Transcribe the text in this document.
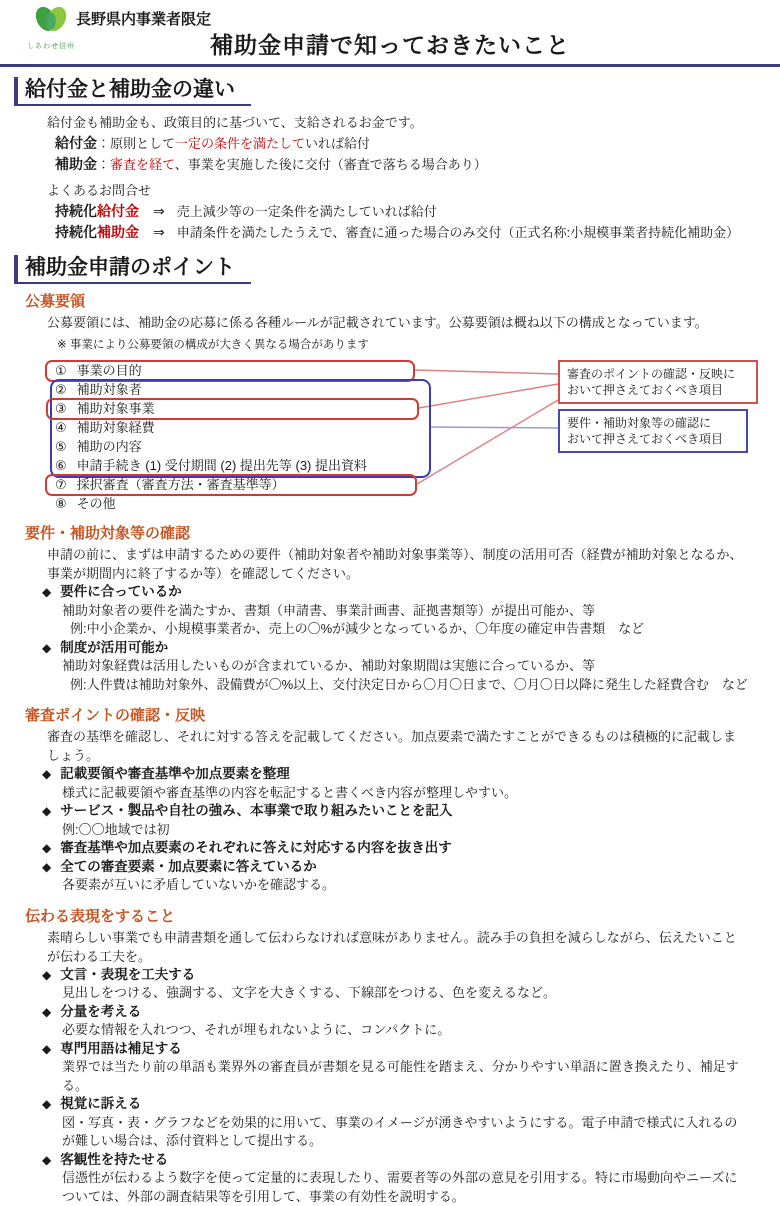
しあわせ信州
長野県内事業者限定
補助金申請で知っておきたいこと
給付金と補助金の違い
給付金も補助金も、政策目的に基づいて、支給されるお金です。
給付金：原則として一定の条件を満たしていれば給付
補助金：審査を経て、事業を実施した後に交付（審査で落ちる場合あり）
よくあるお問合せ
持続化給付金 ⇒ 売上減少等の一定条件を満たしていれば給付
持続化補助金 ⇒ 申請条件を満たしたうえで、審査に通った場合のみ交付（正式名称:小規模事業者持続化補助金）
補助金申請のポイント
公募要領
公募要領には、補助金の応募に係る各種ルールが記載されています。公募要領は概ね以下の構成となっています。
※ 事業により公募要領の構成が大きく異なる場合があります
① 事業の目的
② 補助対象者
③ 補助対象事業
④ 補助対象経費
⑤ 補助の内容
⑥ 申請手続き (1) 受付期間 (2) 提出先等 (3) 提出資料
⑦ 採択審査（審査方法・審査基準等）
⑧ その他
審査のポイントの確認・反映に
おいて押さえておくべき項目
要件・補助対象等の確認に
おいて押さえておくべき項目
要件・補助対象等の確認
申請の前に、まずは申請するための要件（補助対象者や補助対象事業等）、制度の活用可否（経費が補助対象となるか、事業が期間内に終了するか等）を確認してください。
◆ 要件に合っているか
補助対象者の要件を満たすか、書類（申請書、事業計画書、証拠書類等）が提出可能か、等
例:中小企業か、小規模事業者か、売上の〇%が減少となっているか、〇年度の確定申告書類　など
◆ 制度が活用可能か
補助対象経費は活用したいものが含まれているか、補助対象期間は実態に合っているか、等
例:人件費は補助対象外、設備費が〇%以上、交付決定日から〇月〇日まで、〇月〇日以降に発生した経費含む　など
審査ポイントの確認・反映
審査の基準を確認し、それに対する答えを記載してください。加点要素で満たすことができるものは積極的に記載しましょう。
◆ 記載要領や審査基準や加点要素を整理
様式に記載要領や審査基準の内容を転記すると書くべき内容が整理しやすい。
◆ サービス・製品や自社の強み、本事業で取り組みたいことを記入
例:〇〇地域では初
◆ 審査基準や加点要素のそれぞれに答えに対応する内容を抜き出す
◆ 全ての審査要素・加点要素に答えているか
各要素が互いに矛盾していないかを確認する。
伝わる表現をすること
素晴らしい事業でも申請書類を通して伝わらなければ意味がありません。読み手の負担を減らしながら、伝えたいことが伝わる工夫を。
◆ 文言・表現を工夫する
見出しをつける、強調する、文字を大きくする、下線部をつける、色を変えるなど。
◆ 分量を考える
必要な情報を入れつつ、それが埋もれないように、コンパクトに。
◆ 専門用語は補足する
業界では当たり前の単語も業界外の審査員が書類を見る可能性を踏まえ、分かりやすい単語に置き換えたり、補足する。
◆ 視覚に訴える
図・写真・表・グラフなどを効果的に用いて、事業のイメージが湧きやすいようにする。電子申請で様式に入れるのが難しい場合は、添付資料として提出する。
◆ 客観性を持たせる
信憑性が伝わるよう数字を使って定量的に表現したり、需要者等の外部の意見を引用する。特に市場動向やニーズについては、外部の調査結果等を引用して、事業の有効性を説明する。
